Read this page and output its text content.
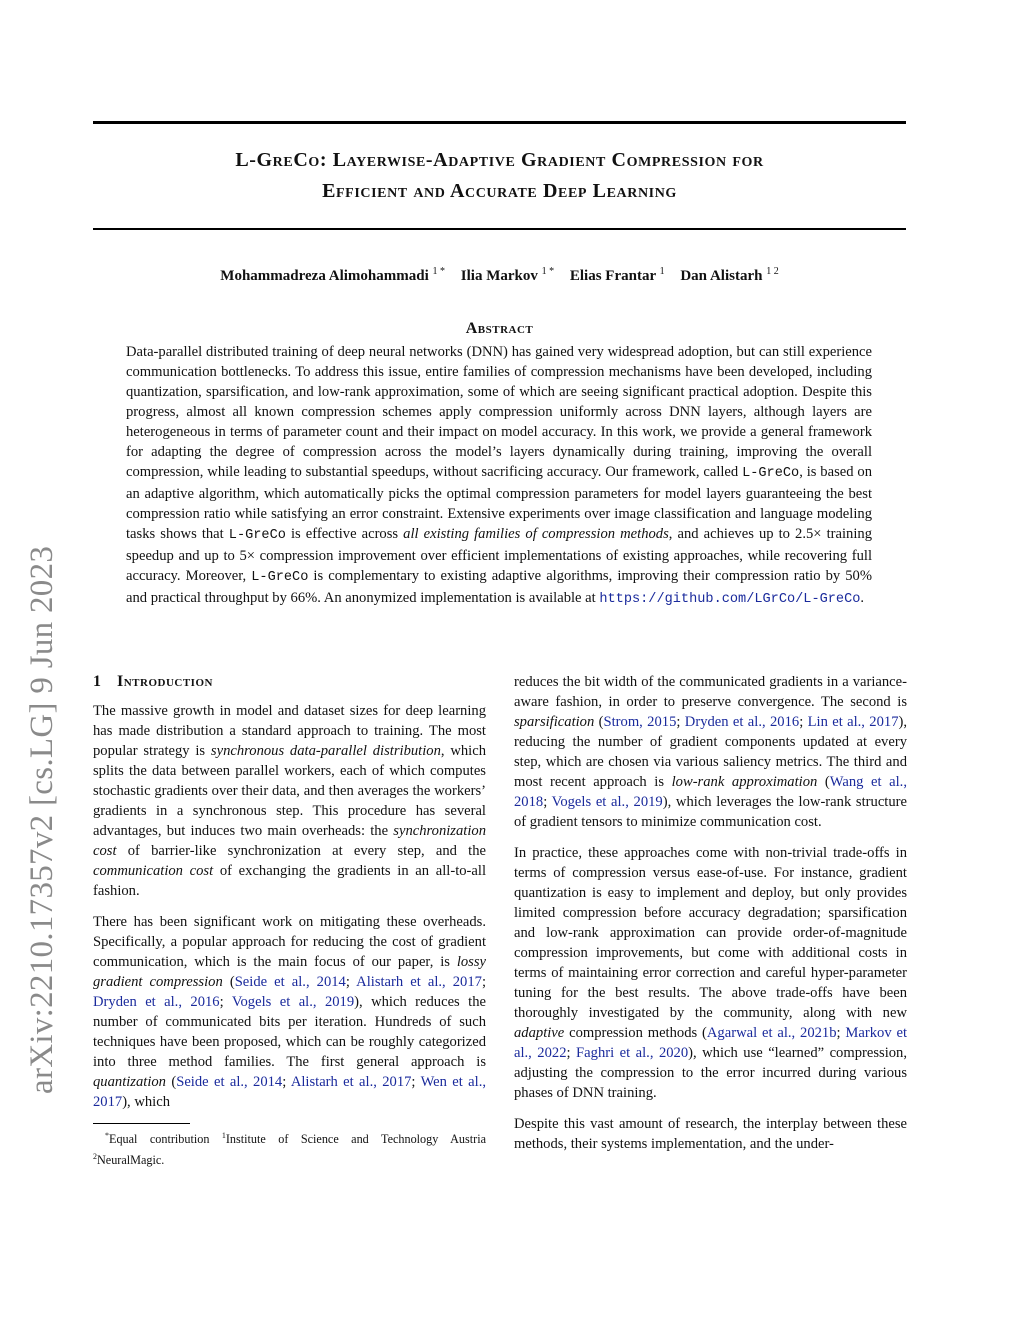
arXiv:2210.17357v2 [cs.LG] 9 Jun 2023
L-GreCo: Layerwise-Adaptive Gradient Compression for
Efficient and Accurate Deep Learning
Mohammadreza Alimohammadi $^{1 *}$ Ilia Markov $^{1 *}$ Elias Frantar $^1$ Dan Alistarh $^{1 2}$
Abstract
Data-parallel distributed training of deep neural networks (DNN) has gained very widespread adoption, but can still experience communication bottlenecks. To address this issue, entire families of compression mechanisms have been developed, including quantization, sparsification, and low-rank approximation, some of which are seeing significant practical adoption. Despite this progress, almost all known compression schemes apply compression uniformly across DNN layers, although layers are heterogeneous in terms of parameter count and their impact on model accuracy. In this work, we provide a general framework for adapting the degree of compression across the model’s layers dynamically during training, improving the overall compression, while leading to substantial speedups, without sacrificing accuracy. Our framework, called L-GreCo, is based on an adaptive algorithm, which automatically picks the optimal compression parameters for model layers guaranteeing the best compression ratio while satisfying an error constraint. Extensive experiments over image classification and language modeling tasks shows that L-GreCo is effective across all existing families of compression methods, and achieves up to 2.5× training speedup and up to 5× compression improvement over efficient implementations of existing approaches, while recovering full accuracy. Moreover, L-GreCo is complementary to existing adaptive algorithms, improving their compression ratio by 50% and practical throughput by 66%. An anonymized implementation is available at https://github.com/LGrCo/L-GreCo.
1 Introduction

The massive growth in model and dataset sizes for deep learning has made distribution a standard approach to training. The most popular strategy is synchronous data-parallel distribution, which splits the data between parallel workers, each of which computes stochastic gradients over their data, and then averages the workers’ gradients in a synchronous step. This procedure has several advantages, but induces two main overheads: the synchronization cost of barrier-like synchronization at every step, and the communication cost of exchanging the gradients in an all-to-all fashion.

There has been significant work on mitigating these overheads. Specifically, a popular approach for reducing the cost of gradient communication, which is the main focus of our paper, is lossy gradient compression (Seide et al., 2014; Alistarh et al., 2017; Dryden et al., 2016; Vogels et al., 2019), which reduces the number of communicated bits per iteration. Hundreds of such techniques have been proposed, which can be roughly categorized into three method families. The first general approach is quantization (Seide et al., 2014; Alistarh et al., 2017; Wen et al., 2017), which

*Equal contribution $^1$Institute of Science and Technology Austria $^2$NeuralMagic.

reduces the bit width of the communicated gradients in a variance-aware fashion, in order to preserve convergence. The second is sparsification (Strom, 2015; Dryden et al., 2016; Lin et al., 2017), reducing the number of gradient components updated at every step, which are chosen via various saliency metrics. The third and most recent approach is low-rank approximation (Wang et al., 2018; Vogels et al., 2019), which leverages the low-rank structure of gradient tensors to minimize communication cost.

In practice, these approaches come with non-trivial trade-offs in terms of compression versus ease-of-use. For instance, gradient quantization is easy to implement and deploy, but only provides limited compression before accuracy degradation; sparsification and low-rank approximation can provide order-of-magnitude compression improvements, but come with additional costs in terms of maintaining error correction and careful hyper-parameter tuning for the best results. The above trade-offs have been thoroughly investigated by the community, along with new adaptive compression methods (Agarwal et al., 2021b; Markov et al., 2022; Faghri et al., 2020), which use “learned” compression, adjusting the compression to the error incurred during various phases of DNN training.

Despite this vast amount of research, the interplay between these methods, their systems implementation, and the under-
